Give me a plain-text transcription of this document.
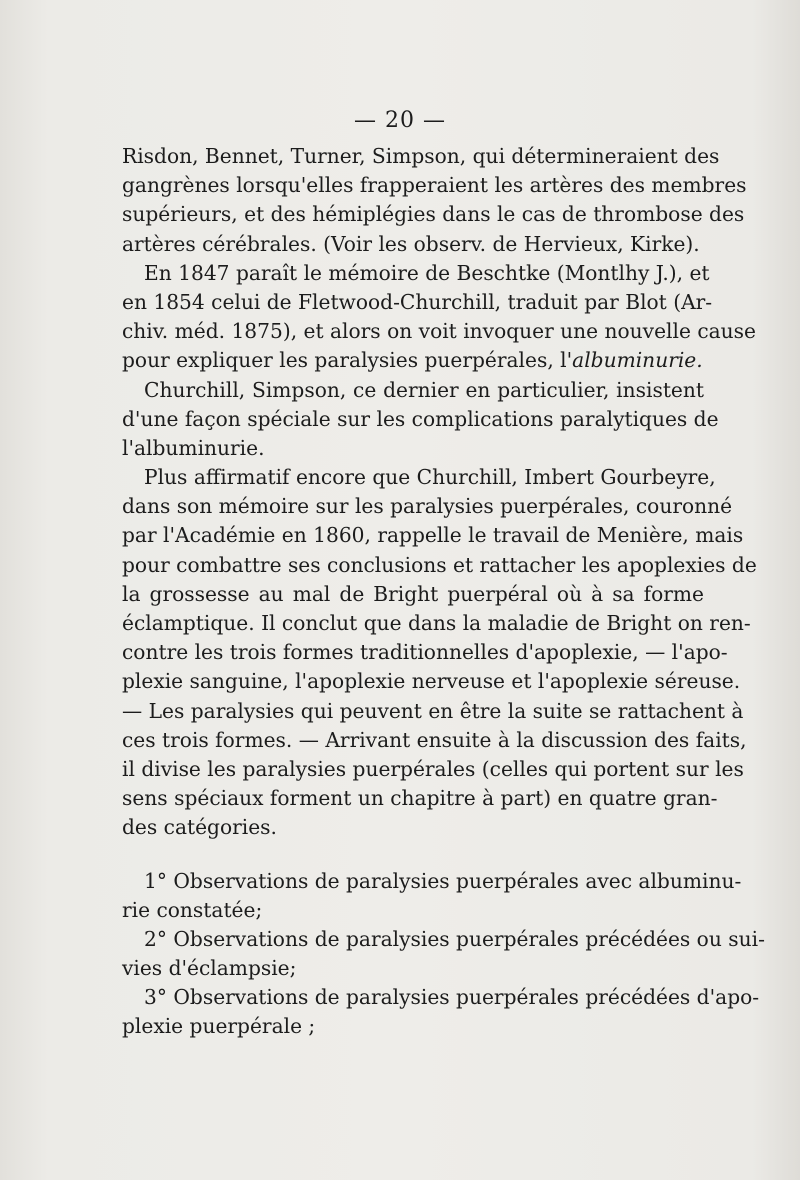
— 20 —
Risdon, Bennet, Turner, Simpson, qui détermineraient des
gangrènes lorsqu'elles frapperaient les artères des membres
supérieurs, et des hémiplégies dans le cas de thrombose des
artères cérébrales. (Voir les observ. de Hervieux, Kirke).
En 1847 paraît le mémoire de Beschtke (Montlhy J.), et
en 1854 celui de Fletwood-Churchill, traduit par Blot (Ar-
chiv. méd. 1875), et alors on voit invoquer une nouvelle cause
pour expliquer les paralysies puerpérales, l'albuminurie.
Churchill, Simpson, ce dernier en particulier, insistent
d'une façon spéciale sur les complications paralytiques de
l'albuminurie.
Plus affirmatif encore que Churchill, Imbert Gourbeyre,
dans son mémoire sur les paralysies puerpérales, couronné
par l'Académie en 1860, rappelle le travail de Menière, mais
pour combattre ses conclusions et rattacher les apoplexies de
la grossesse au mal de Bright puerpéral où à sa forme
éclamptique. Il conclut que dans la maladie de Bright on ren-
contre les trois formes traditionnelles d'apoplexie, — l'apo-
plexie sanguine, l'apoplexie nerveuse et l'apoplexie séreuse.
— Les paralysies qui peuvent en être la suite se rattachent à
ces trois formes. — Arrivant ensuite à la discussion des faits,
il divise les paralysies puerpérales (celles qui portent sur les
sens spéciaux forment un chapitre à part) en quatre gran-
des catégories.
1° Observations de paralysies puerpérales avec albuminu-
rie constatée;
2° Observations de paralysies puerpérales précédées ou sui-
vies d'éclampsie;
3° Observations de paralysies puerpérales précédées d'apo-
plexie puerpérale ;
